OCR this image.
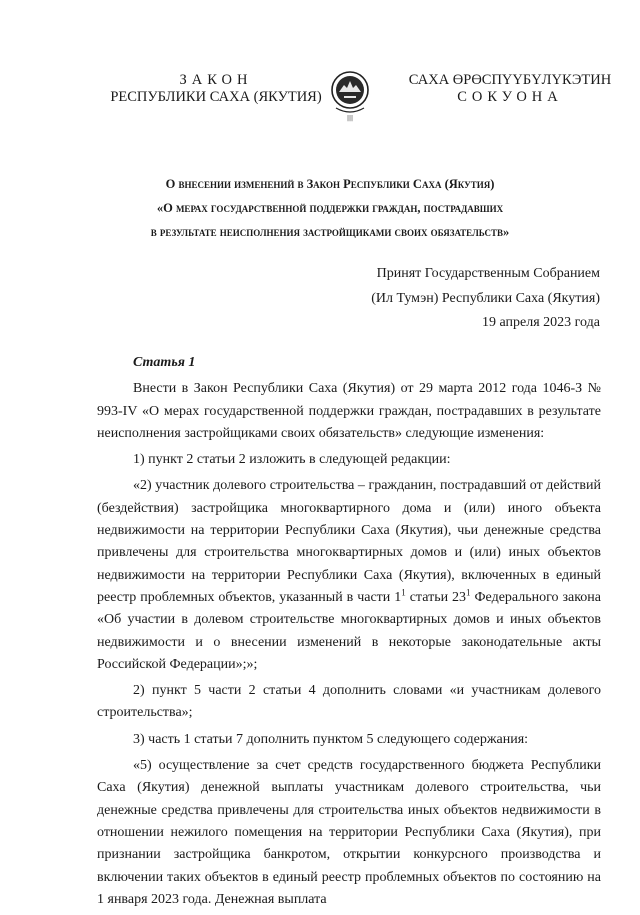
ЗАКОН
РЕСПУБЛИКИ САХА (ЯКУТИЯ)
САХА ӨРӨСПҮҮБҮЛҮКЭТИН
СОКУОНА
|||
О внесении изменений в Закон Республики Саха (Якутия)
«О мерах государственной поддержки граждан, пострадавших
в результате неисполнения застройщиками своих обязательств»
Принят Государственным Собранием
(Ил Тумэн) Республики Саха (Якутия)
19 апреля 2023 года
Статья 1

Внести в Закон Республики Саха (Якутия) от 29 марта 2012 года 1046-З № 993-IV «О мерах государственной поддержки граждан, пострадавших в результате неисполнения застройщиками своих обязательств» следующие изменения:

1) пункт 2 статьи 2 изложить в следующей редакции:

«2) участник долевого строительства – гражданин, пострадавший от действий (бездействия) застройщика многоквартирного дома и (или) иного объекта недвижимости на территории Республики Саха (Якутия), чьи денежные средства привлечены для строительства многоквартирных домов и (или) иных объектов недвижимости на территории Республики Саха (Якутия), включенных в единый реестр проблемных объектов, указанный в части $1^1$ статьи $23^1$ Федерального закона «Об участии в долевом строительстве многоквартирных домов и иных объектов недвижимости и о внесении изменений в некоторые законодательные акты Российской Федерации»;»;

2) пункт 5 части 2 статьи 4 дополнить словами «и участникам долевого строительства»;

3) часть 1 статьи 7 дополнить пунктом 5 следующего содержания:

«5) осуществление за счет средств государственного бюджета Республики Саха (Якутия) денежной выплаты участникам долевого строительства, чьи денежные средства привлечены для строительства иных объектов недвижимости в отношении нежилого помещения на территории Республики Саха (Якутия), при признании застройщика банкротом, открытии конкурсного производства и включении таких объектов в единый реестр проблемных объектов по состоянию на 1 января 2023 года. Денежная выплата
